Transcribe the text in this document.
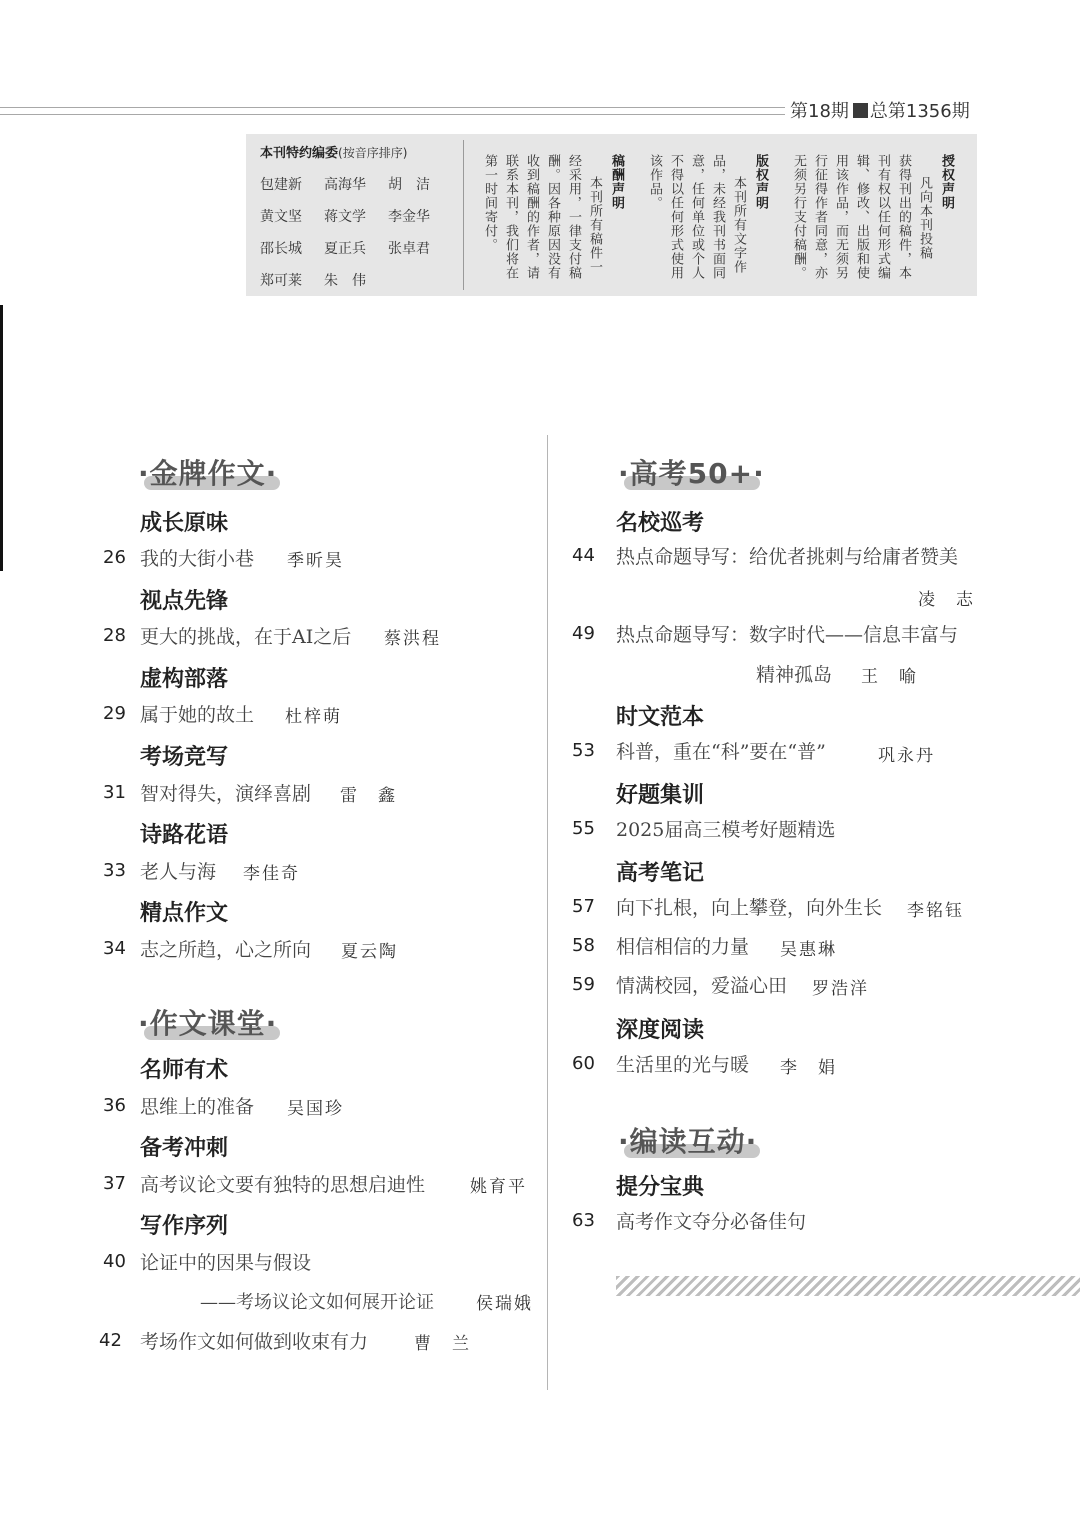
第18期 总第1356期
本刊特约编委(按音序排序)
包建新 高海华 胡　洁
黄文坚 蒋文学 李金华
邵长城 夏正兵 张卓君
郑可莱 朱　伟
授权声明
凡向本刊投稿
获得刊出的稿件，本
刊有权以任何形式编
辑、修改、出版和使
用该作品，而无须另
行征得作者同意，亦
无须另行支付稿酬。
版权声明
本刊所有文字作
品，未经我刊书面同
意，任何单位或个人
不得以任何形式使用
该作品。
稿酬声明
本刊所有稿件一
经采用，一律支付稿
酬。因各种原因没有
收到稿酬的作者，请
联系本刊，我们将在
第一时间寄付。
·金牌作文·
成长原味
26 我的大街小巷 季昕昊
视点先锋
28 更大的挑战，在于AI之后 蔡洪程
虚构部落
29 属于她的故土 杜梓萌
考场竞写
31 智对得失，演绎喜剧 雷　鑫
诗路花语
33 老人与海 李佳奇
精点作文
34 志之所趋，心之所向 夏云陶
·作文课堂·
名师有术
36 思维上的准备 吴国珍
备考冲刺
37 高考议论文要有独特的思想启迪性	姚育平
写作序列
40 论证中的因果与假设
——考场议论文如何展开论证 侯瑞娥
42 考场作文如何做到收束有力	曹　兰
·高考50+·
名校巡考
44 热点命题导写：给优者挑刺与给庸者赞美
凌　志
49 热点命题导写：数字时代——信息丰富与
精神孤岛 王　喻
时文范本
53 科普，重在“科”要在“普”	巩永丹
好题集训
55 2025届高三模考好题精选
高考笔记
57 向下扎根，向上攀登，向外生长 李铭钰
58 相信相信的力量 吴惠琳
59 情满校园，爱溢心田 罗浩洋
深度阅读
60 生活里的光与暖 李　娟
·编读互动·
提分宝典
63 高考作文夺分必备佳句
